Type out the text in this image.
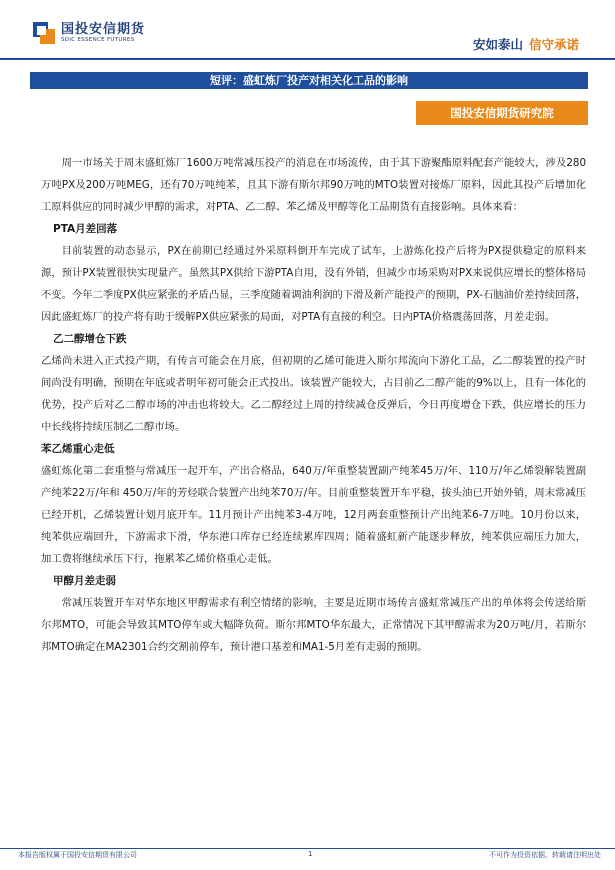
国投安信期货
SDIC ESSENCE FUTURES	安如泰山 信守承诺
短评：盛虹炼厂投产对相关化工品的影响
国投安信期货研究院

周一市场关于周末盛虹炼厂1600万吨常减压投产的消息在市场流传，由于其下游聚酯原料配套产能较大，涉及280万吨PX及200万吨MEG，还有70万吨纯苯，且其下游有斯尔邦90万吨的MTO装置对接炼厂原料，因此其投产后增加化工原料供应的同时减少甲醇的需求，对PTA、乙二醇、苯乙烯及甲醇等化工品期货有直接影响。具体来看：

PTA月差回落

目前装置的动态显示，PX在前期已经通过外采原料倒开车完成了试车，上游炼化投产后将为PX提供稳定的原料来源，预计PX装置很快实现量产。虽然其PX供给下游PTA自用，没有外销，但减少市场采购对PX来说供应增长的整体格局不变。今年二季度PX供应紧张的矛盾凸显，三季度随着调油利润的下滑及新产能投产的预期，PX-石脑油价差持续回落，因此盛虹炼厂的投产将有助于缓解PX供应紧张的局面，对PTA有直接的利空。日内PTA价格震荡回落，月差走弱。

乙二醇增仓下跌

乙烯尚未进入正式投产期，有传言可能会在月底，但初期的乙烯可能进入斯尔邦流向下游化工品，乙二醇装置的投产时间尚没有明确，预期在年底或者明年初可能会正式投出。该装置产能较大，占目前乙二醇产能的9%以上，且有一体化的优势，投产后对乙二醇市场的冲击也将较大。乙二醇经过上周的持续减仓反弹后，今日再度增仓下跌，供应增长的压力中长线将持续压制乙二醇市场。

苯乙烯重心走低

盛虹炼化第二套重整与常减压一起开车，产出合格品，640万/年重整装置副产纯苯45万/年、110万/年乙烯裂解装置副产纯苯22万/年和 450万/年的芳烃联合装置产出纯苯70万/年。目前重整装置开车平稳，拔头油已开始外销，周末常减压已经开机，乙烯装置计划月底开车。11月预计产出纯苯3-4万吨，12月两套重整预计产出纯苯6-7万吨。10月份以来，纯苯供应端回升，下游需求下滑，华东港口库存已经连续累库四周；随着盛虹新产能逐步释放，纯苯供应端压力加大，加工费将继续承压下行，拖累苯乙烯价格重心走低。

甲醇月差走弱

常减压装置开车对华东地区甲醇需求有利空情绪的影响，主要是近期市场传言盛虹常减压产出的单体将会传送给斯尔邦MTO，可能会导致其MTO停车或大幅降负荷。斯尔邦MTO华东最大，正常情况下其甲醇需求为20万吨/月，若斯尔邦MTO确定在MA2301合约交割前停车，预计港口基差和MA1-5月差有走弱的预期。

本报告版权属于国投安信期货有限公司	1	不可作为投资依据，转载请注明出处
